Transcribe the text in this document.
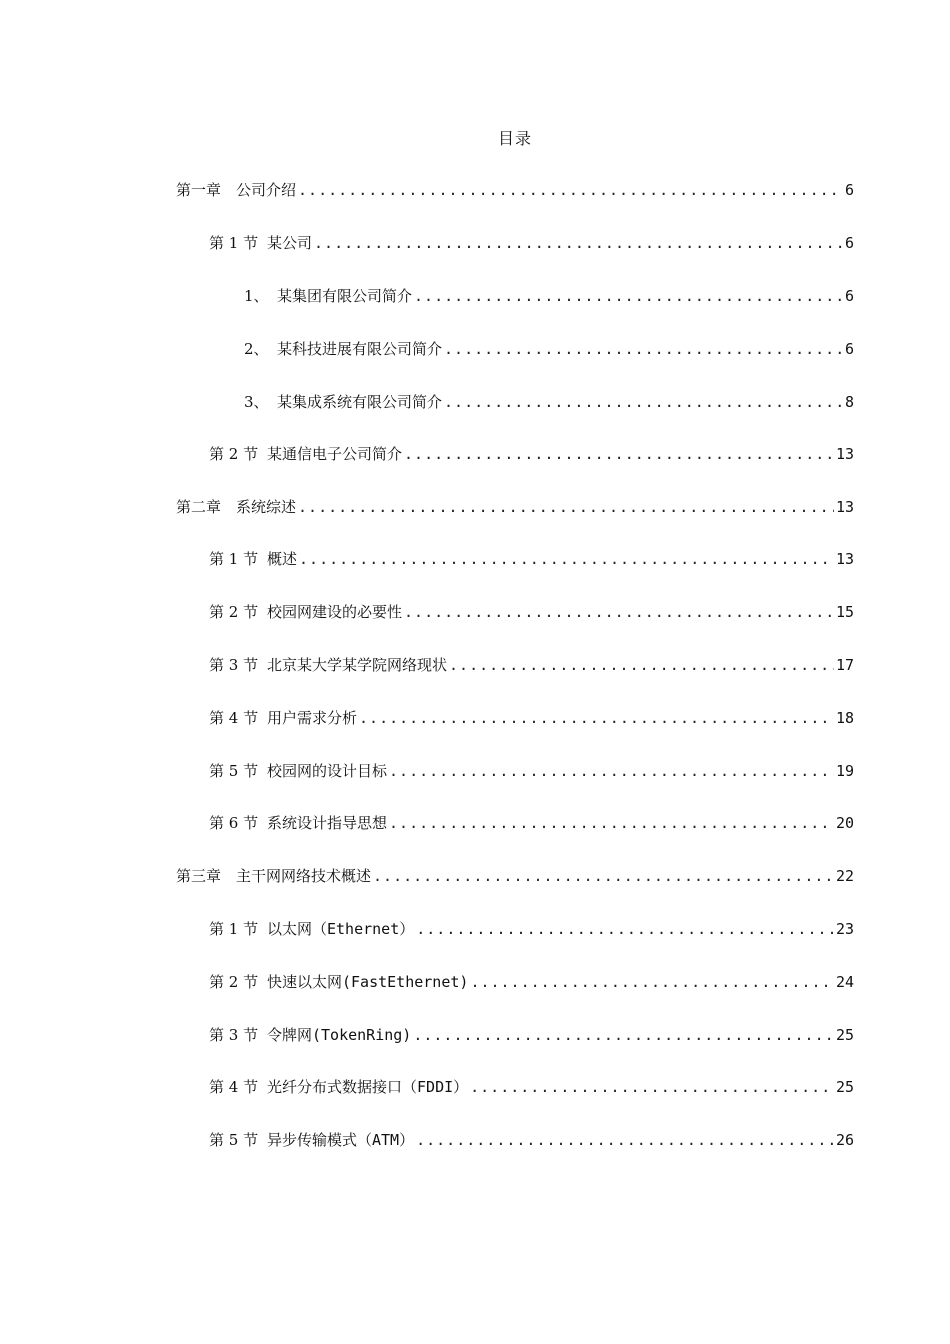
目录
第一章 公司介绍 .....	6
第 1 节 某公司 .....	6
1、 某集团有限公司简介 .....	6
2、 某科技进展有限公司简介 .....	6
3、 某集成系统有限公司简介 .....	8
第 2 节 某通信电子公司简介 .....	13
第二章 系统综述 .....	13
第 1 节 概述 .....	13
第 2 节 校园网建设的必要性 .....	15
第 3 节 北京某大学某学院网络现状 .....	17
第 4 节 用户需求分析 .....	18
第 5 节 校园网的设计目标 .....	19
第 6 节 系统设计指导思想 .....	20
第三章 主干网网络技术概述 .....	22
第 1 节 以太网（Ethernet） .....	23
第 2 节 快速以太网(FastEthernet) .....	24
第 3 节 令牌网(TokenRing) .....	25
第 4 节 光纤分布式数据接口（FDDI） .....	25
第 5 节 异步传输模式（ATM） .....	26
